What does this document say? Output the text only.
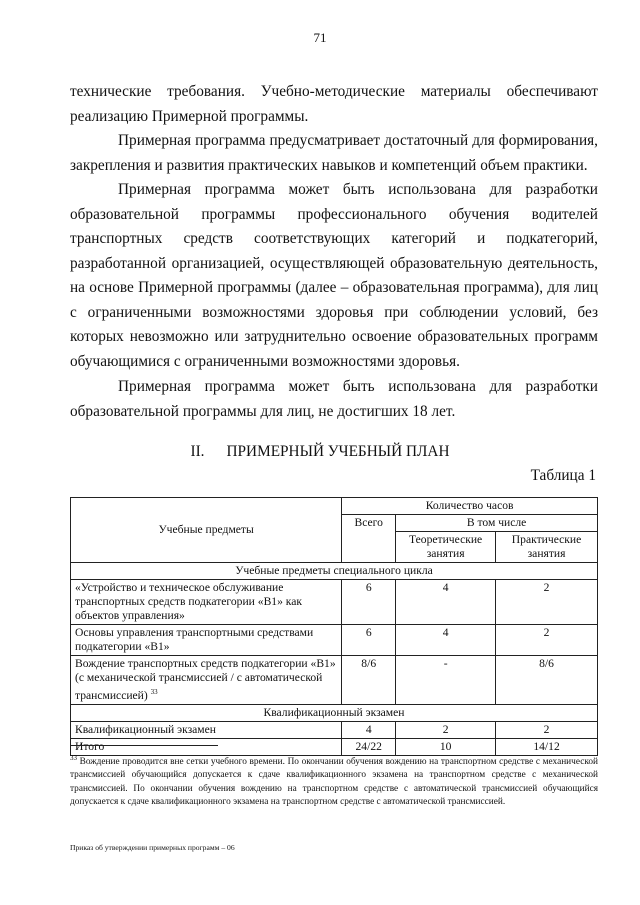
71

технические требования. Учебно-методические материалы обеспечивают реализацию Примерной программы.

Примерная программа предусматривает достаточный для формирования, закрепления и развития практических навыков и компетенций объем практики.

Примерная программа может быть использована для разработки образовательной программы профессионального обучения водителей транспортных средств соответствующих категорий и подкатегорий, разработанной организацией, осуществляющей образовательную деятельность, на основе Примерной программы (далее – образовательная программа), для лиц с ограниченными возможностями здоровья при соблюдении условий, без которых невозможно или затруднительно освоение образовательных программ обучающимися с ограниченными возможностями здоровья.

Примерная программа может быть использована для разработки образовательной программы для лиц, не достигших 18 лет.

II. ПРИМЕРНЫЙ УЧЕБНЫЙ ПЛАН
Таблица 1
Учебные предметы	Количество часов		
	Всего	В том числе	
		Теоретические занятия	Практические занятия
Учебные предметы специального цикла			
«Устройство и техническое обслуживание транспортных средств подкатегории «В1» как объектов управления»	6	4	2
Основы управления транспортными средствами подкатегории «В1»	6	4	2
Вождение транспортных средств подкатегории «В1» (с механической трансмиссией / с автоматической трансмиссией) $^{33}$	8/6	-	8/6
Квалификационный экзамен			
Квалификационный экзамен	4	2	2
Итого	24/22	10	14/12
$^{33}$ Вождение проводится вне сетки учебного времени. По окончании обучения вождению на транспортном средстве с механической трансмиссией обучающийся допускается к сдаче квалификационного экзамена на транспортном средстве с механической трансмиссией. По окончании обучения вождению на транспортном средстве с автоматической трансмиссией обучающийся допускается к сдаче квалификационного экзамена на транспортном средстве с автоматической трансмиссией.
Приказ об утверждении примерных программ – 06
